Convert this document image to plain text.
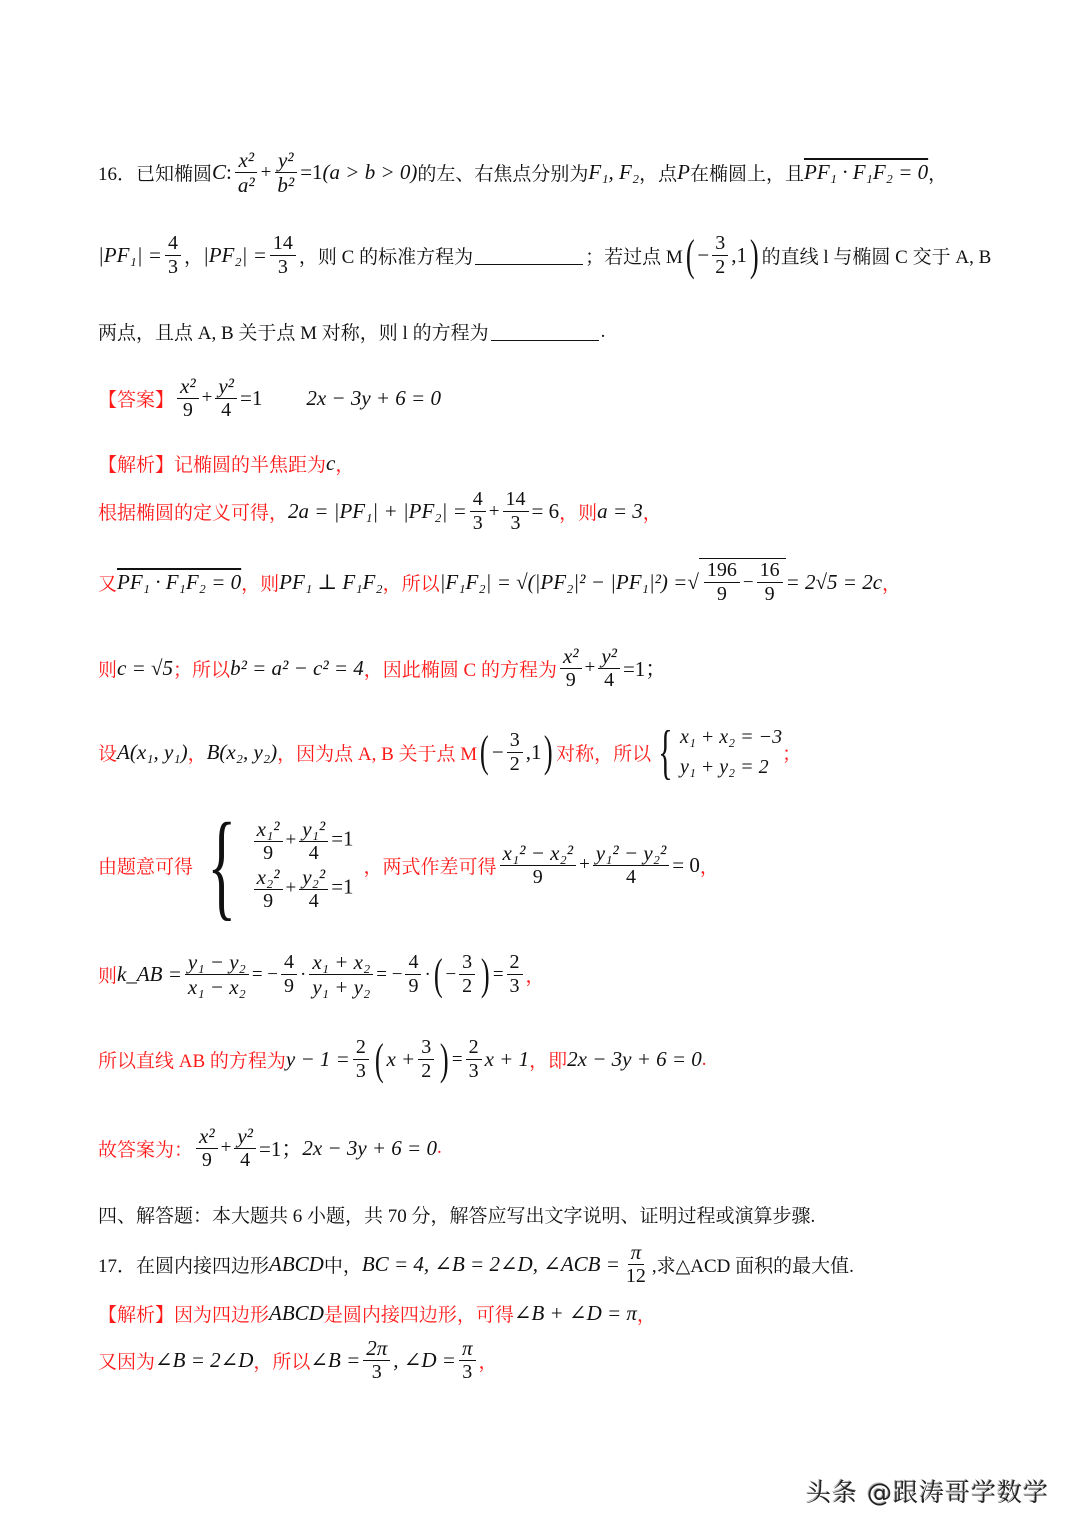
16．已知椭圆 C : $\frac{\text{x²}}{\text{a²}} + \frac{\text{y²}}{\text{b²}} =1$ (a > b > 0) 的左、右焦点分别为 F₁, F₂ ，点 P 在椭圆上，且 PF₁ · F₁F₂ = 0 ，
$|PF_1| = \frac{4}{3}$ ， $|PF_2| = \frac{14}{3}$ ，则 C 的标准方程为	；若过点 M ( − $\frac{3}{2} ,1$ ) 的直线 l 与椭圆 C 交于 A, B
两点，且点 A, B 关于点 M 对称，则 l 的方程为	.
【答案】 $\frac{\text{x²}}{9} + \frac{\text{y²}}{4} =1$ 2x − 3y + 6 = 0
【解析】 记椭圆的半焦距为 c ，
根据椭圆的定义可得， $2a = |PF_1| + |PF_2| = \frac{4}{3} + \frac{14}{3} = 6$ ，则 a = 3 ，
又 PF₁ · F₁F₂ = 0 ，则 PF₁ ⊥ F₁F₂ ，所以 |F₁F₂| = √(|PF₂|² − |PF₁|²) = √ $\frac{196}{9} - \frac{16}{9} = 2√5 = 2c$ ，
则 c = √5 ；所以 b² = a² − c² = 4 ，因此椭圆 C 的方程为 $\frac{\text{x²}}{9} + \frac{\text{y²}}{4} =1$；
设 A(x₁, y₁) ， B(x₂, y₂) ，因为点 A, B 关于点 M ( − $\frac{3}{2} ,1$ ) 对称，所以 { x₁ + x₂ = −3
y₁ + y₂ = 2
；
由题意可得 { $\frac{\text{x₁²}}{9} + \frac{\text{y₁²}}{4} =1$
$\frac{\text{x₂²}}{9} + \frac{\text{y₂²}}{4} =1$
，两式作差可得 $\frac{\text{x₁² − x₂²}}{9} + \frac{\text{y₁² − y₂²}}{4} = 0$ ，
则 k_AB = $\frac{\text{y₁ − y₂}}{\text{x₁ − x₂}}$ = − $\frac{4}{9} \cdot \frac{\text{x₁ + x₂}}{\text{y₁ + y₂}}$ = − $\frac{4}{9}$ · ( − $\frac{3}{2}$ ) = $\frac{2}{3}$ ，
所以直线 AB 的方程为 $y - 1 = \frac{2}{3}$ ( $x + \frac{3}{2}$ ) = $\frac{2}{3}$ x + 1 ，即 2x − 3y + 6 = 0 .
故答案为： $\frac{\text{x²}}{9} + \frac{\text{y²}}{4} =1$； 2x − 3y + 6 = 0 .
四、解答题：本大题共 6 小题，共 70 分，解答应写出文字说明、证明过程或演算步骤.
17．在圆内接四边形 ABCD 中， BC = 4, ∠B = 2∠D, ∠ACB = $\frac{\pi}{12}$ ,求△ACD 面积的最大值.
【解析】 因为四边形 ABCD 是圆内接四边形，可得 ∠B + ∠D = π ，
又因为 ∠B = 2∠D ，所以 ∠B = $\frac{2\pi}{3}$ , ∠D = $\frac{\pi}{3}$ ，
头条 @跟涛哥学数学
